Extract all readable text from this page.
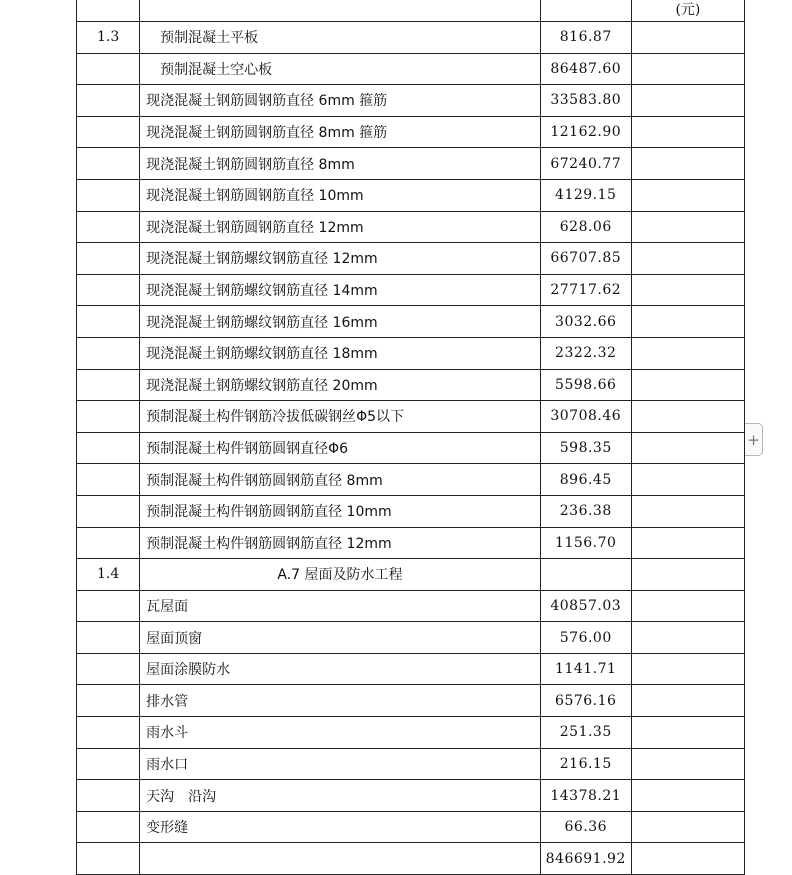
(元)

1.3	预制混凝土平板	816.87	
	预制混凝土空心板	86487.60	
	现浇混凝土钢筋圆钢筋直径 6mm 箍筋	33583.80	
	现浇混凝土钢筋圆钢筋直径 8mm 箍筋	12162.90	
	现浇混凝土钢筋圆钢筋直径 8mm	67240.77	
	现浇混凝土钢筋圆钢筋直径 10mm	4129.15	
	现浇混凝土钢筋圆钢筋直径 12mm	628.06	
	现浇混凝土钢筋螺纹钢筋直径 12mm	66707.85	
	现浇混凝土钢筋螺纹钢筋直径 14mm	27717.62	
	现浇混凝土钢筋螺纹钢筋直径 16mm	3032.66	
	现浇混凝土钢筋螺纹钢筋直径 18mm	2322.32	
	现浇混凝土钢筋螺纹钢筋直径 20mm	5598.66	
	预制混凝土构件钢筋冷拔低碳钢丝Φ5以下	30708.46	
	预制混凝土构件钢筋圆钢直径Φ6	598.35	
	预制混凝土构件钢筋圆钢筋直径 8mm	896.45	
	预制混凝土构件钢筋圆钢筋直径 10mm	236.38	
	预制混凝土构件钢筋圆钢筋直径 12mm	1156.70	
1.4	A.7 屋面及防水工程		
	瓦屋面	40857.03	
	屋面顶窗	576.00	
	屋面涂膜防水	1141.71	
	排水管	6576.16	
	雨水斗	251.35	
	雨水口	216.15	
	天沟　沿沟	14378.21	
	变形缝	66.36	
		846691.92	
+
